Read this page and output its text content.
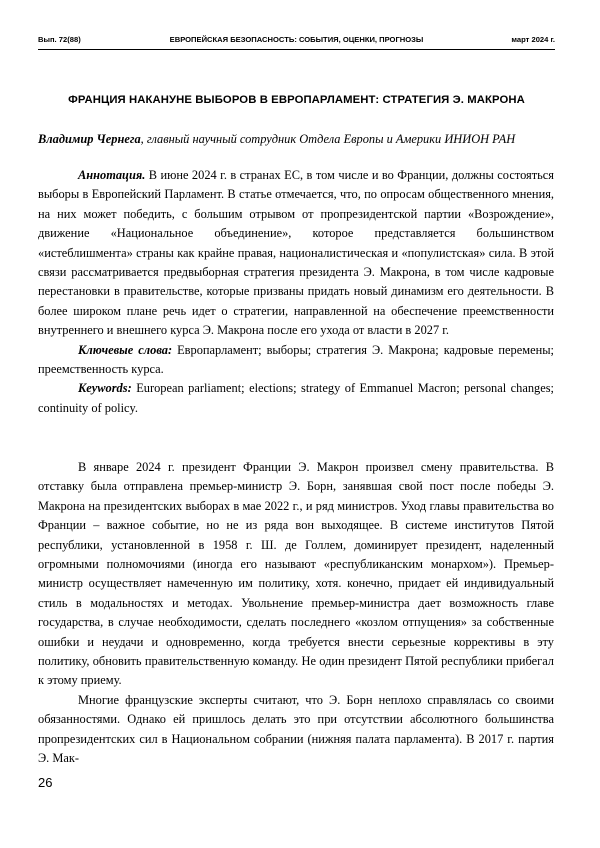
Вып. 72(88)	ЕВРОПЕЙСКАЯ БЕЗОПАСНОСТЬ: СОБЫТИЯ, ОЦЕНКИ, ПРОГНОЗЫ	март 2024 г.
ФРАНЦИЯ НАКАНУНЕ ВЫБОРОВ В ЕВРОПАРЛАМЕНТ: СТРАТЕГИЯ Э. МАКРОНА
Владимир Чернега, главный научный сотрудник Отдела Европы и Америки ИНИОН РАН

Аннотация. В июне 2024 г. в странах ЕС, в том числе и во Франции, должны состояться выборы в Европейский Парламент. В статье отмечается, что, по опросам общественного мнения, на них может победить, с большим отрывом от пропрезидентской партии «Возрождение», движение «Национальное объединение», которое представляется большинством «истеблишмента» страны как крайне правая, националистическая и «популистская» сила. В этой связи рассматривается предвыборная стратегия президента Э. Макрона, в том числе кадровые перестановки в правительстве, которые призваны придать новый динамизм его деятельности. В более широком плане речь идет о стратегии, направленной на обеспечение преемственности внутреннего и внешнего курса Э. Макрона после его ухода от власти в 2027 г.

Ключевые слова: Европарламент; выборы; стратегия Э. Макрона; кадровые перемены; преемственность курса.

Keywords: European parliament; elections; strategy of Emmanuel Macron; personal changes; continuity of policy.

В январе 2024 г. президент Франции Э. Макрон произвел смену правительства. В отставку была отправлена премьер-министр Э. Борн, занявшая свой пост после победы Э. Макрона на президентских выборах в мае 2022 г., и ряд министров. Уход главы правительства во Франции – важное событие, но не из ряда вон выходящее. В системе институтов Пятой республики, установленной в 1958 г. Ш. де Голлем, доминирует президент, наделенный огромными полномочиями (иногда его называют «республиканским монархом»). Премьер-министр осуществляет намеченную им политику, хотя. конечно, придает ей индивидуальный стиль в модальностях и методах. Увольнение премьер-министра дает возможность главе государства, в случае необходимости, сделать последнего «козлом отпущения» за собственные ошибки и неудачи и одновременно, когда требуется внести серьезные коррективы в эту политику, обновить правительственную команду. Не один президент Пятой республики прибегал к этому приему.

Многие французские эксперты считают, что Э. Борн неплохо справлялась со своими обязанностями. Однако ей пришлось делать это при отсутствии абсолютного большинства пропрезидентских сил в Национальном собрании (нижняя палата парламента). В 2017 г. партия Э. Мак-

26
